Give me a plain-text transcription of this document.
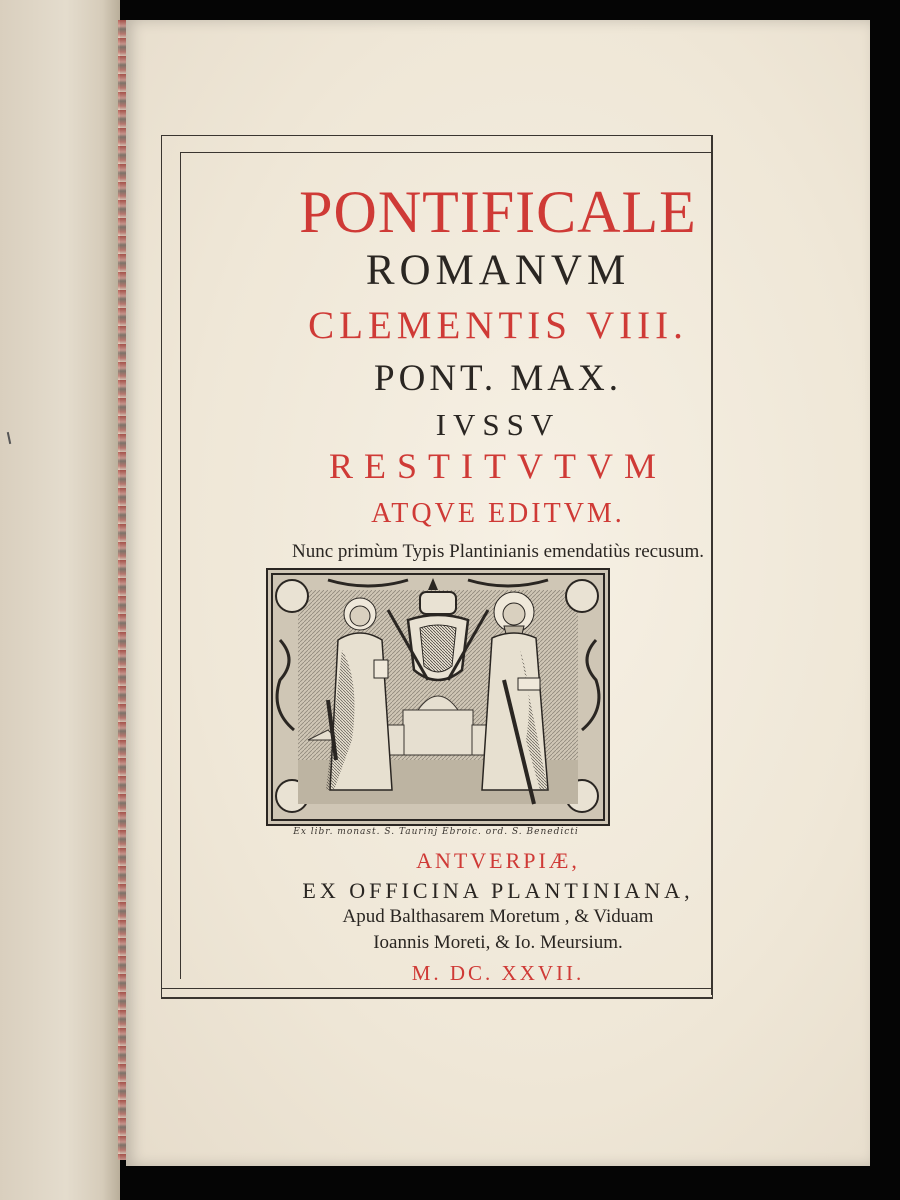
PONTIFICALE
ROMANVM
CLEMENTIS VIII.
PONT. MAX.
IVSSV
RESTITVTVM
ATQVE EDITVM.
Nunc primùm Typis Plantinianis emendatiùs recusum.
Ex libr. monast. S. Taurinj Ebroic. ord. S. Benedicti
ANTVERPIÆ,
EX OFFICINA PLANTINIANA,
Apud Balthasarem Moretum , & Viduam
Ioannis Moreti, & Io. Meursium.
M. DC. XXVII.
